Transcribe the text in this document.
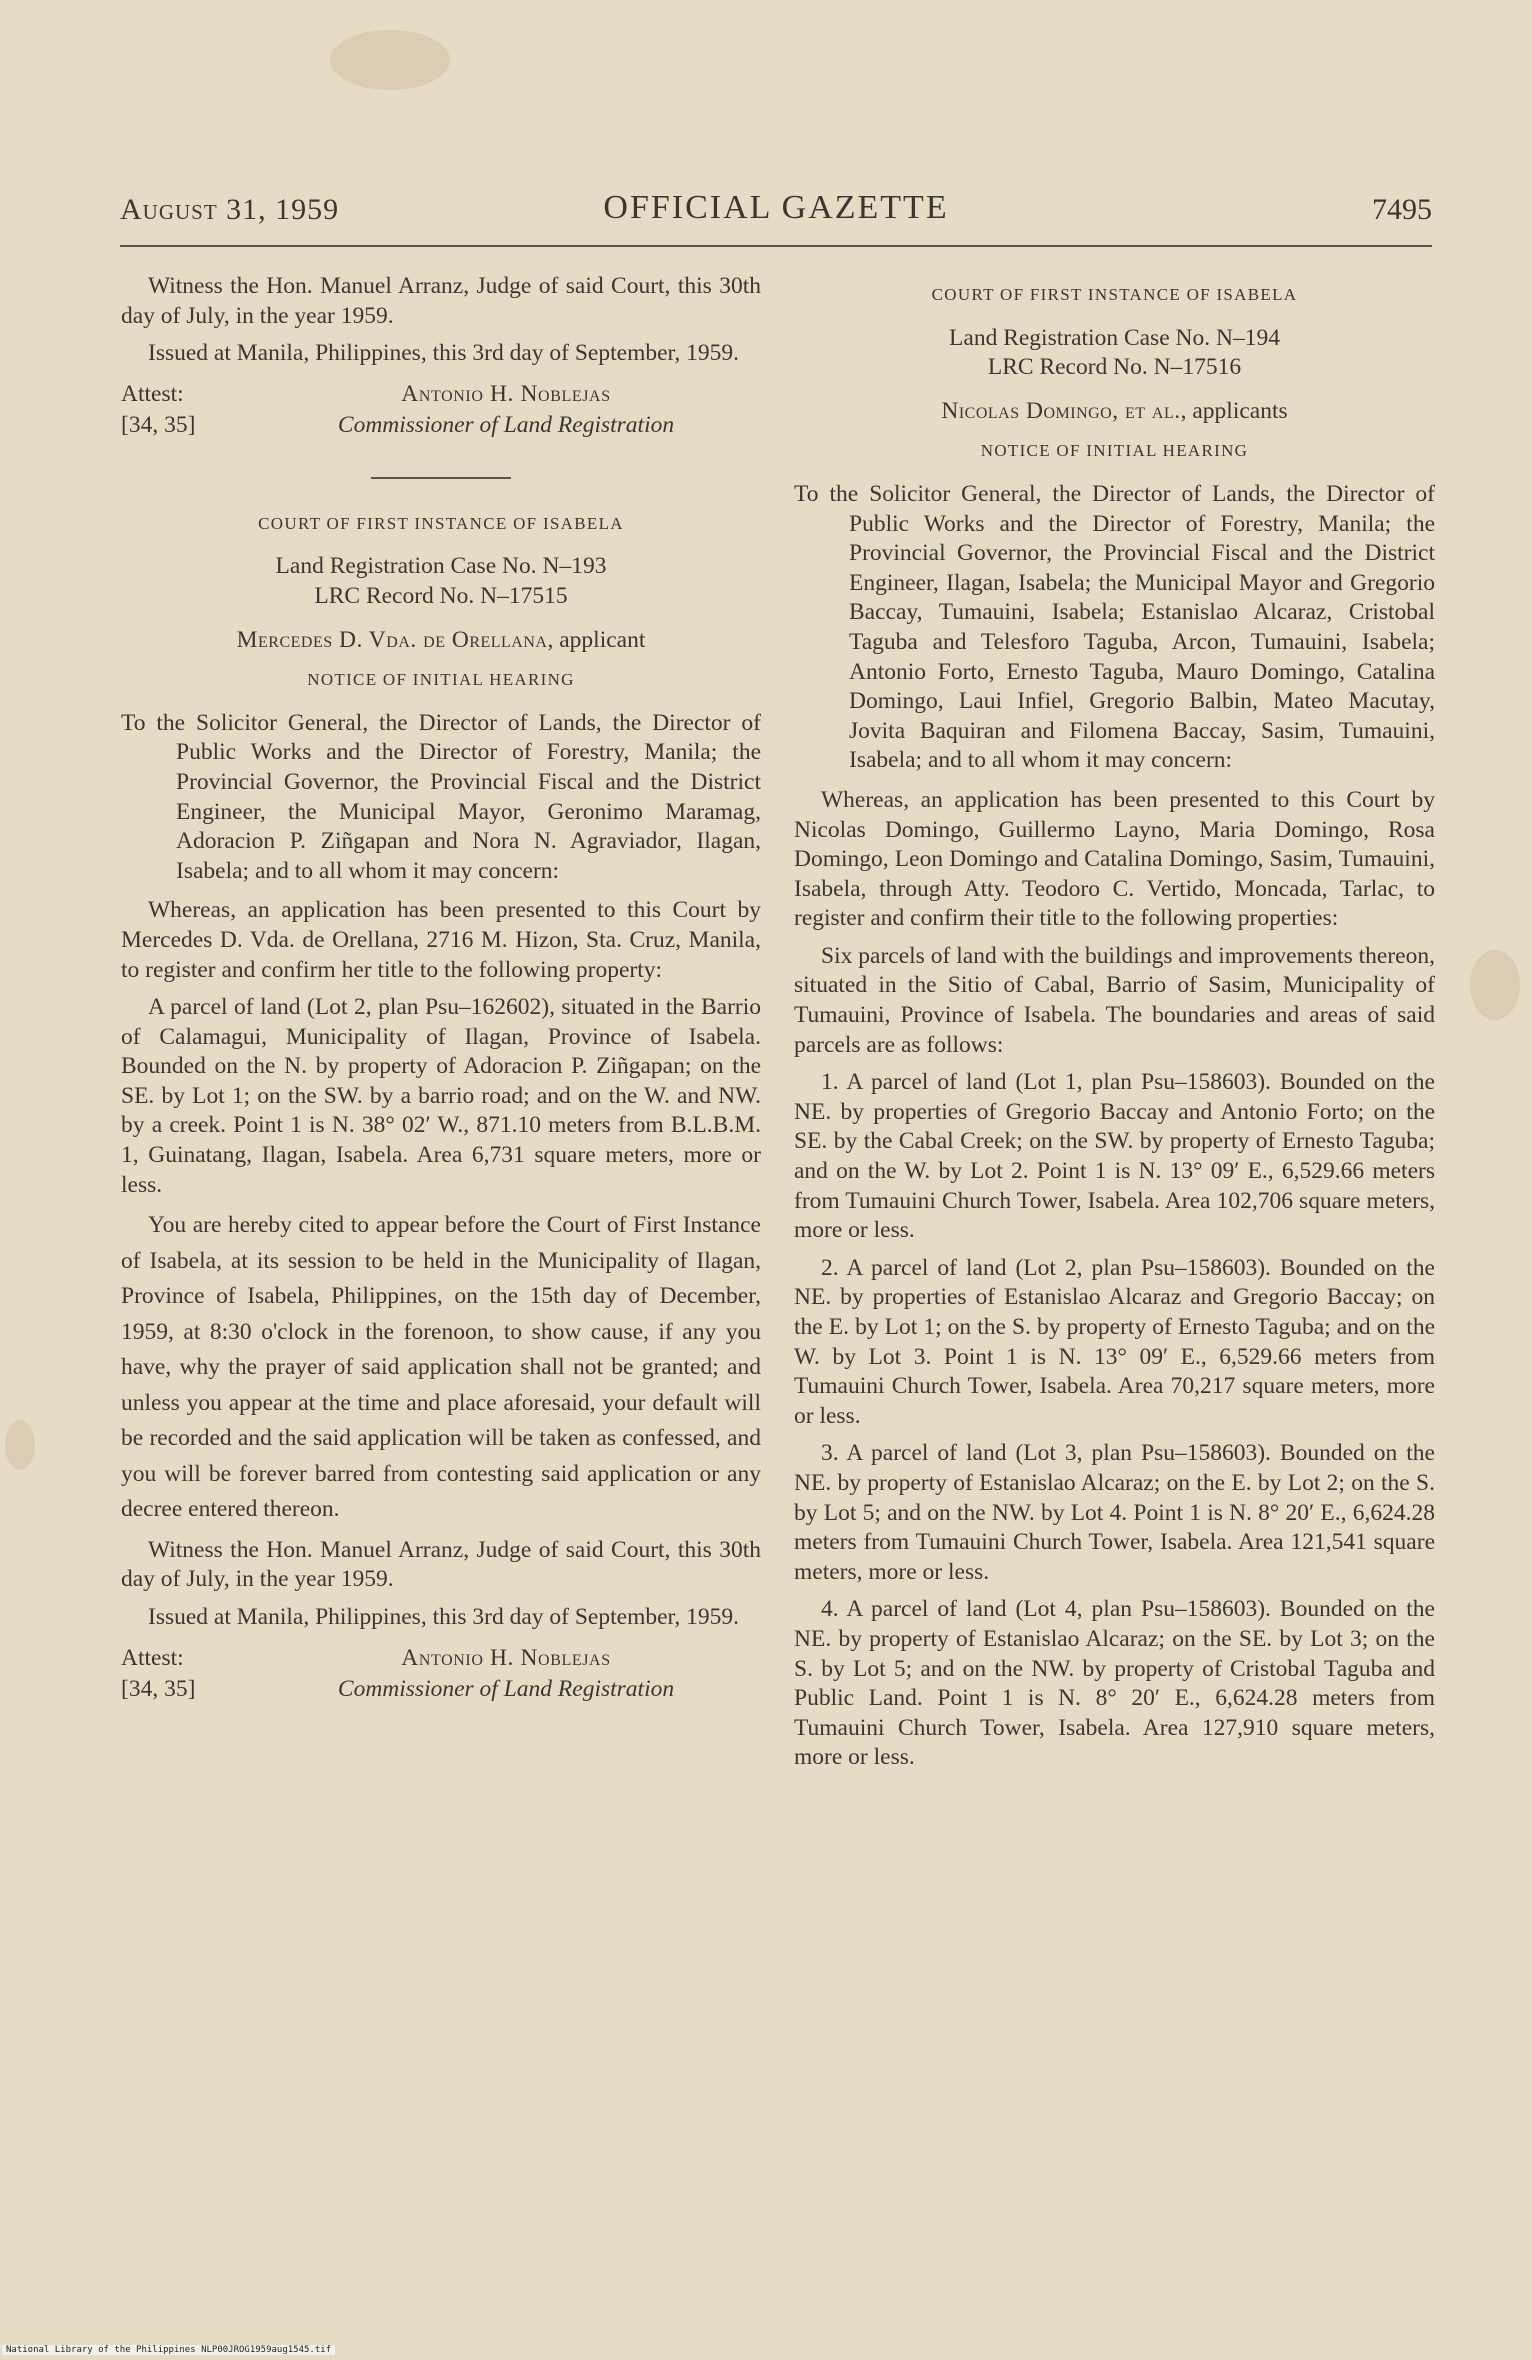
August 31, 1959	OFFICIAL GAZETTE	7495

Witness the Hon. Manuel Arranz, Judge of said Court, this 30th day of July, in the year 1959.

Issued at Manila, Philippines, this 3rd day of September, 1959.

Attest:	Antonio H. Noblejas
[34, 35]	Commissioner of Land Registration
COURT OF FIRST INSTANCE OF ISABELA

Land Registration Case No. N–193

LRC Record No. N–17515

Mercedes D. Vda. de Orellana, applicant

NOTICE OF INITIAL HEARING

To the Solicitor General, the Director of Lands, the Director of Public Works and the Director of Forestry, Manila; the Provincial Governor, the Provincial Fiscal and the District Engineer, the Municipal Mayor, Geronimo Maramag, Adoracion P. Ziñgapan and Nora N. Agraviador, Ilagan, Isabela; and to all whom it may concern:

Whereas, an application has been presented to this Court by Mercedes D. Vda. de Orellana, 2716 M. Hizon, Sta. Cruz, Manila, to register and confirm her title to the following property:

A parcel of land (Lot 2, plan Psu–162602), situated in the Barrio of Calamagui, Municipality of Ilagan, Province of Isabela. Bounded on the N. by property of Adoracion P. Ziñgapan; on the SE. by Lot 1; on the SW. by a barrio road; and on the W. and NW. by a creek. Point 1 is N. 38° 02′ W., 871.10 meters from B.L.B.M. 1, Guinatang, Ilagan, Isabela. Area 6,731 square meters, more or less.

You are hereby cited to appear before the Court of First Instance of Isabela, at its session to be held in the Municipality of Ilagan, Province of Isabela, Philippines, on the 15th day of December, 1959, at 8:30 o'clock in the forenoon, to show cause, if any you have, why the prayer of said application shall not be granted; and unless you appear at the time and place aforesaid, your default will be recorded and the said application will be taken as confessed, and you will be forever barred from contesting said application or any decree entered thereon.

Witness the Hon. Manuel Arranz, Judge of said Court, this 30th day of July, in the year 1959.

Issued at Manila, Philippines, this 3rd day of September, 1959.

Attest:	Antonio H. Noblejas
[34, 35]	Commissioner of Land Registration
COURT OF FIRST INSTANCE OF ISABELA

Land Registration Case No. N–194

LRC Record No. N–17516

Nicolas Domingo, et al., applicants

NOTICE OF INITIAL HEARING

To the Solicitor General, the Director of Lands, the Director of Public Works and the Director of Forestry, Manila; the Provincial Governor, the Provincial Fiscal and the District Engineer, Ilagan, Isabela; the Municipal Mayor and Gregorio Baccay, Tumauini, Isabela; Estanislao Alcaraz, Cristobal Taguba and Telesforo Taguba, Arcon, Tumauini, Isabela; Antonio Forto, Ernesto Taguba, Mauro Domingo, Catalina Domingo, Laui Infiel, Gregorio Balbin, Mateo Macutay, Jovita Baquiran and Filomena Baccay, Sasim, Tumauini, Isabela; and to all whom it may concern:

Whereas, an application has been presented to this Court by Nicolas Domingo, Guillermo Layno, Maria Domingo, Rosa Domingo, Leon Domingo and Catalina Domingo, Sasim, Tumauini, Isabela, through Atty. Teodoro C. Vertido, Moncada, Tarlac, to register and confirm their title to the following properties:

Six parcels of land with the buildings and improvements thereon, situated in the Sitio of Cabal, Barrio of Sasim, Municipality of Tumauini, Province of Isabela. The boundaries and areas of said parcels are as follows:

1. A parcel of land (Lot 1, plan Psu–158603). Bounded on the NE. by properties of Gregorio Baccay and Antonio Forto; on the SE. by the Cabal Creek; on the SW. by property of Ernesto Taguba; and on the W. by Lot 2. Point 1 is N. 13° 09′ E., 6,529.66 meters from Tumauini Church Tower, Isabela. Area 102,706 square meters, more or less.

2. A parcel of land (Lot 2, plan Psu–158603). Bounded on the NE. by properties of Estanislao Alcaraz and Gregorio Baccay; on the E. by Lot 1; on the S. by property of Ernesto Taguba; and on the W. by Lot 3. Point 1 is N. 13° 09′ E., 6,529.66 meters from Tumauini Church Tower, Isabela. Area 70,217 square meters, more or less.

3. A parcel of land (Lot 3, plan Psu–158603). Bounded on the NE. by property of Estanislao Alcaraz; on the E. by Lot 2; on the S. by Lot 5; and on the NW. by Lot 4. Point 1 is N. 8° 20′ E., 6,624.28 meters from Tumauini Church Tower, Isabela. Area 121,541 square meters, more or less.

4. A parcel of land (Lot 4, plan Psu–158603). Bounded on the NE. by property of Estanislao Alcaraz; on the SE. by Lot 3; on the S. by Lot 5; and on the NW. by property of Cristobal Taguba and Public Land. Point 1 is N. 8° 20′ E., 6,624.28 meters from Tumauini Church Tower, Isabela. Area 127,910 square meters, more or less.

National Library of the Philippines NLP00JROG1959aug1545.tif
